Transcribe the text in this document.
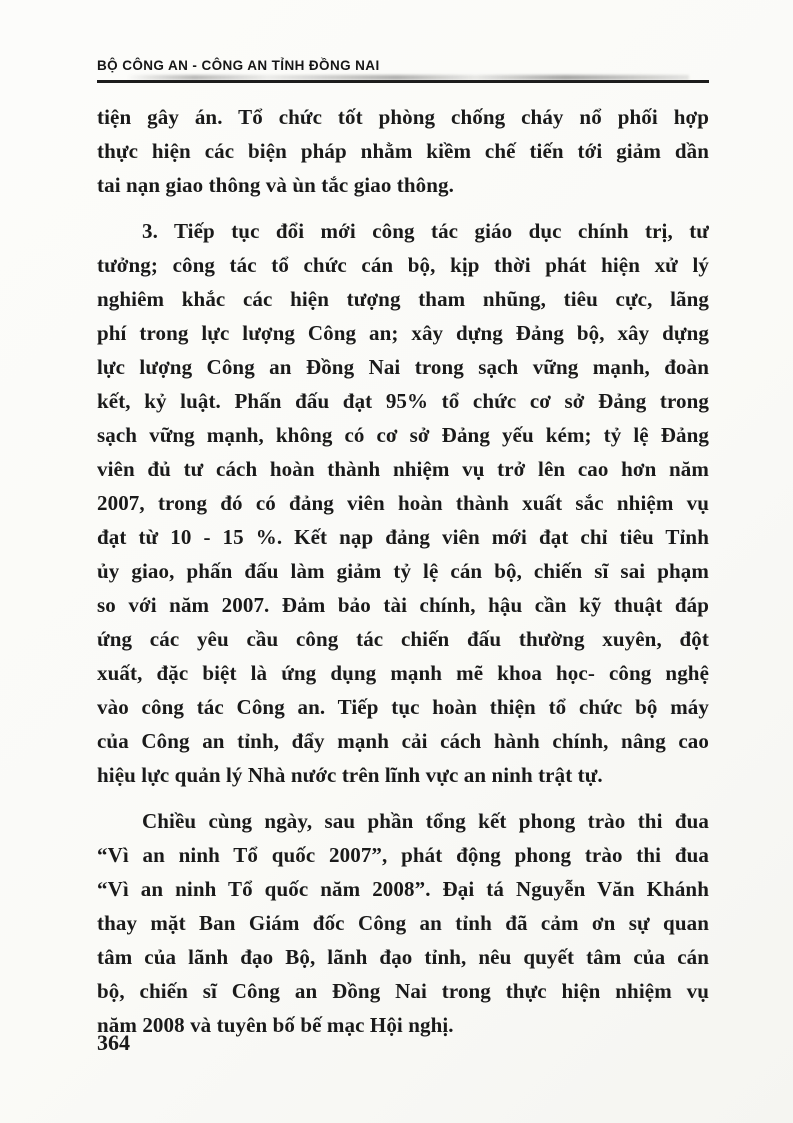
BỘ CÔNG AN - CÔNG AN TỈNH ĐỒNG NAI

tiện gây án. Tổ chức tốt phòng chống cháy nổ phối hợp
thực hiện các biện pháp nhằm kiềm chế tiến tới giảm dần
tai nạn giao thông và ùn tắc giao thông.

3. Tiếp tục đổi mới công tác giáo dục chính trị, tư
tưởng; công tác tổ chức cán bộ, kịp thời phát hiện xử lý
nghiêm khắc các hiện tượng tham nhũng, tiêu cực, lãng
phí trong lực lượng Công an; xây dựng Đảng bộ, xây dựng
lực lượng Công an Đồng Nai trong sạch vững mạnh, đoàn
kết, kỷ luật. Phấn đấu đạt 95% tổ chức cơ sở Đảng trong
sạch vững mạnh, không có cơ sở Đảng yếu kém; tỷ lệ Đảng
viên đủ tư cách hoàn thành nhiệm vụ trở lên cao hơn năm
2007, trong đó có đảng viên hoàn thành xuất sắc nhiệm vụ
đạt từ 10 - 15 %. Kết nạp đảng viên mới đạt chỉ tiêu Tỉnh
ủy giao, phấn đấu làm giảm tỷ lệ cán bộ, chiến sĩ sai phạm
so với năm 2007. Đảm bảo tài chính, hậu cần kỹ thuật đáp
ứng các yêu cầu công tác chiến đấu thường xuyên, đột
xuất, đặc biệt là ứng dụng mạnh mẽ khoa học- công nghệ
vào công tác Công an. Tiếp tục hoàn thiện tổ chức bộ máy
của Công an tỉnh, đẩy mạnh cải cách hành chính, nâng cao
hiệu lực quản lý Nhà nước trên lĩnh vực an ninh trật tự.

Chiều cùng ngày, sau phần tổng kết phong trào thi đua
“Vì an ninh Tổ quốc 2007”, phát động phong trào thi đua
“Vì an ninh Tổ quốc năm 2008”. Đại tá Nguyễn Văn Khánh
thay mặt Ban Giám đốc Công an tỉnh đã cảm ơn sự quan
tâm của lãnh đạo Bộ, lãnh đạo tỉnh, nêu quyết tâm của cán
bộ, chiến sĩ Công an Đồng Nai trong thực hiện nhiệm vụ
năm 2008 và tuyên bố bế mạc Hội nghị.

364
